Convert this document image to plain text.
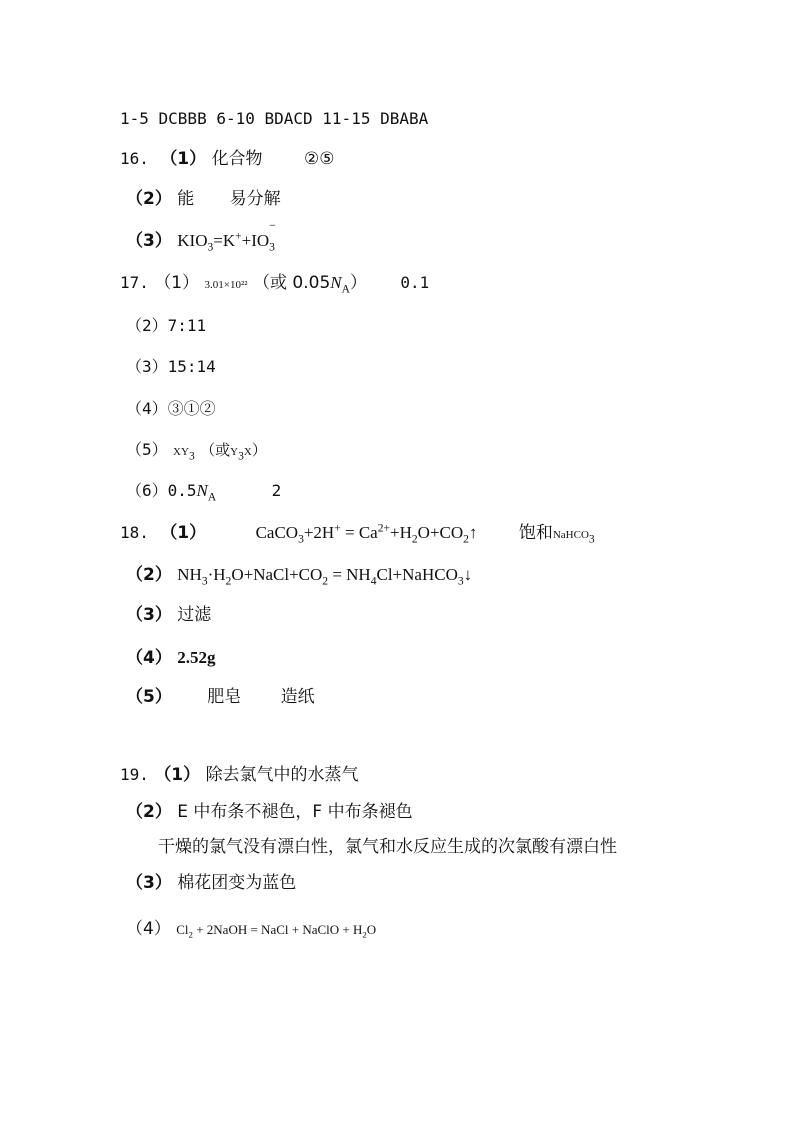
1-5 DCBBB 6-10 BDACD 11-15 DBABA
16. （1） 化合物 ②⑤
（2） 能 易分解
（3） $KIO_3=K^++IO$
−
$_3$
17. （1） 3.01×10²² （或 $0.05N_A$） 0.1
（2）7:11
（3）15:14
（4）③①②
（5） $XY_3$ （或$Y_3X$）
$(6)0.5N_A$	2
18. （1）	CaCO$_3$+2H+ = $Ca^{2+}+H_2O+CO_2↑$ 饱和NaHCO$_3$
（2） $NH_3\cdot H_2O+NaCl+CO_2$ = $NH_4Cl+NaHCO_3↓$
（3） 过滤
（4） 2.52g
（5） 肥皂 造纸
19. （1） 除去氯气中的水蒸气
（2） E 中布条不褪色，F 中布条褪色
干燥的氯气没有漂白性，氯气和水反应生成的次氯酸有漂白性
（3） 棉花团变为蓝色
（4） $Cl_2$ + 2NaOH = NaCl + NaClO + $H_2O$
